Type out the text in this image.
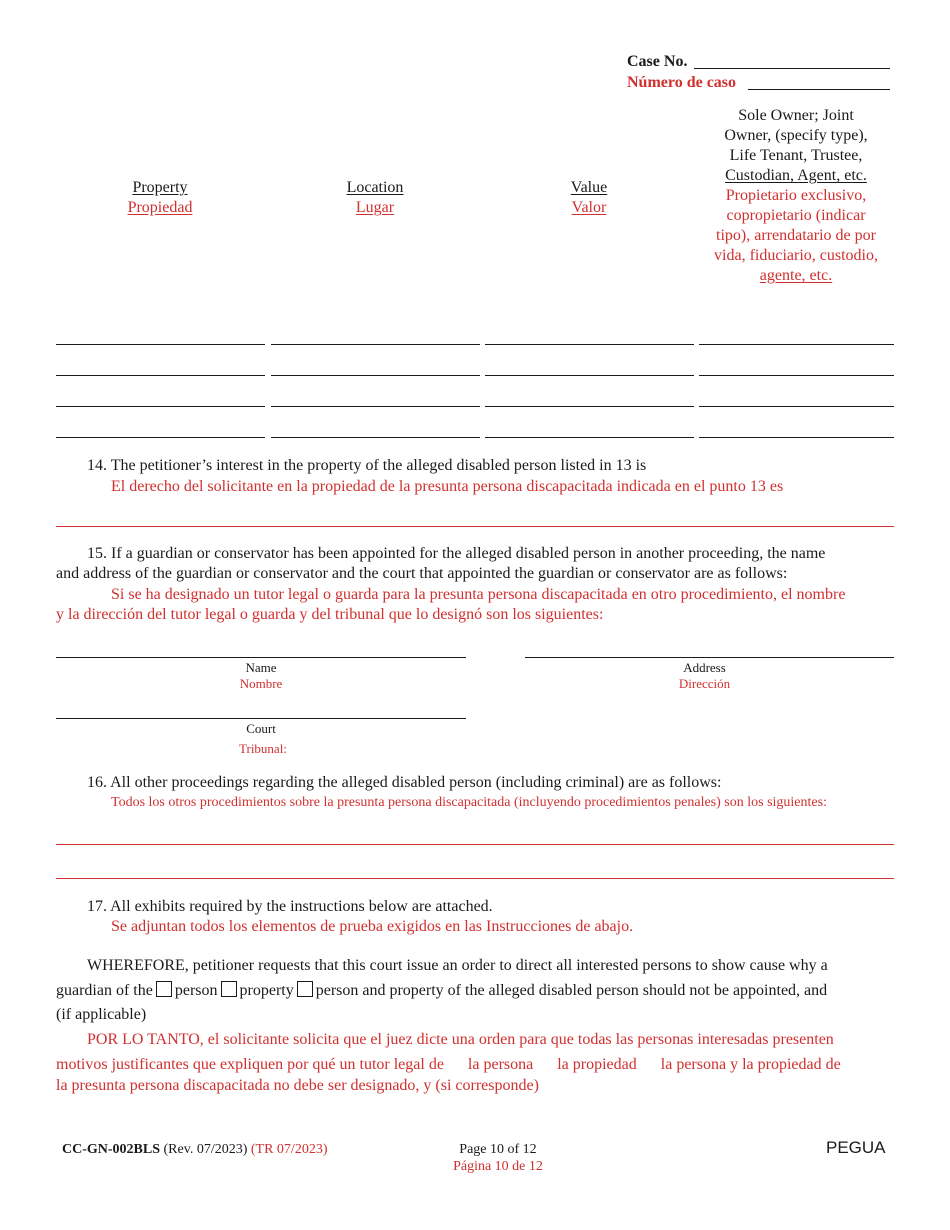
Case No.
Número de caso
Sole Owner; Joint
Owner, (specify type),
Life Tenant, Trustee,
Custodian, Agent, etc.
Propietario exclusivo,
copropietario (indicar
tipo), arrendatario de por
vida, fiduciario, custodio,
agente, etc.
Property
Propiedad
Location
Lugar
Value
Valor
14. The petitioner’s interest in the property of the alleged disabled person listed in 13 is
El derecho del solicitante en la propiedad de la presunta persona discapacitada indicada en el punto 13 es
15. If a guardian or conservator has been appointed for the alleged disabled person in another proceeding, the name
and address of the guardian or conservator and the court that appointed the guardian or conservator are as follows:
Si se ha designado un tutor legal o guarda para la presunta persona discapacitada en otro procedimiento, el nombre
y la dirección del tutor legal o guarda y del tribunal que lo designó son los siguientes:
Name
Nombre
Address
Dirección
Court
Tribunal:
16. All other proceedings regarding the alleged disabled person (including criminal) are as follows:
Todos los otros procedimientos sobre la presunta persona discapacitada (incluyendo procedimientos penales) son los siguientes:
17. All exhibits required by the instructions below are attached.
Se adjuntan todos los elementos de prueba exigidos en las Instrucciones de abajo.
WHEREFORE, petitioner requests that this court issue an order to direct all interested persons to show cause why a
guardian of the person property person and property of the alleged disabled person should not be appointed, and
(if applicable)
POR LO TANTO, el solicitante solicita que el juez dicte una orden para que todas las personas interesadas presenten
motivos justificantes que expliquen por qué un tutor legal de la persona la propiedad la persona y la propiedad de
la presunta persona discapacitada no debe ser designado, y (si corresponde)
CC-GN-002BLS (Rev. 07/2023) (TR 07/2023)	Page 10 of 12
Página 10 de 12
PEGUA
